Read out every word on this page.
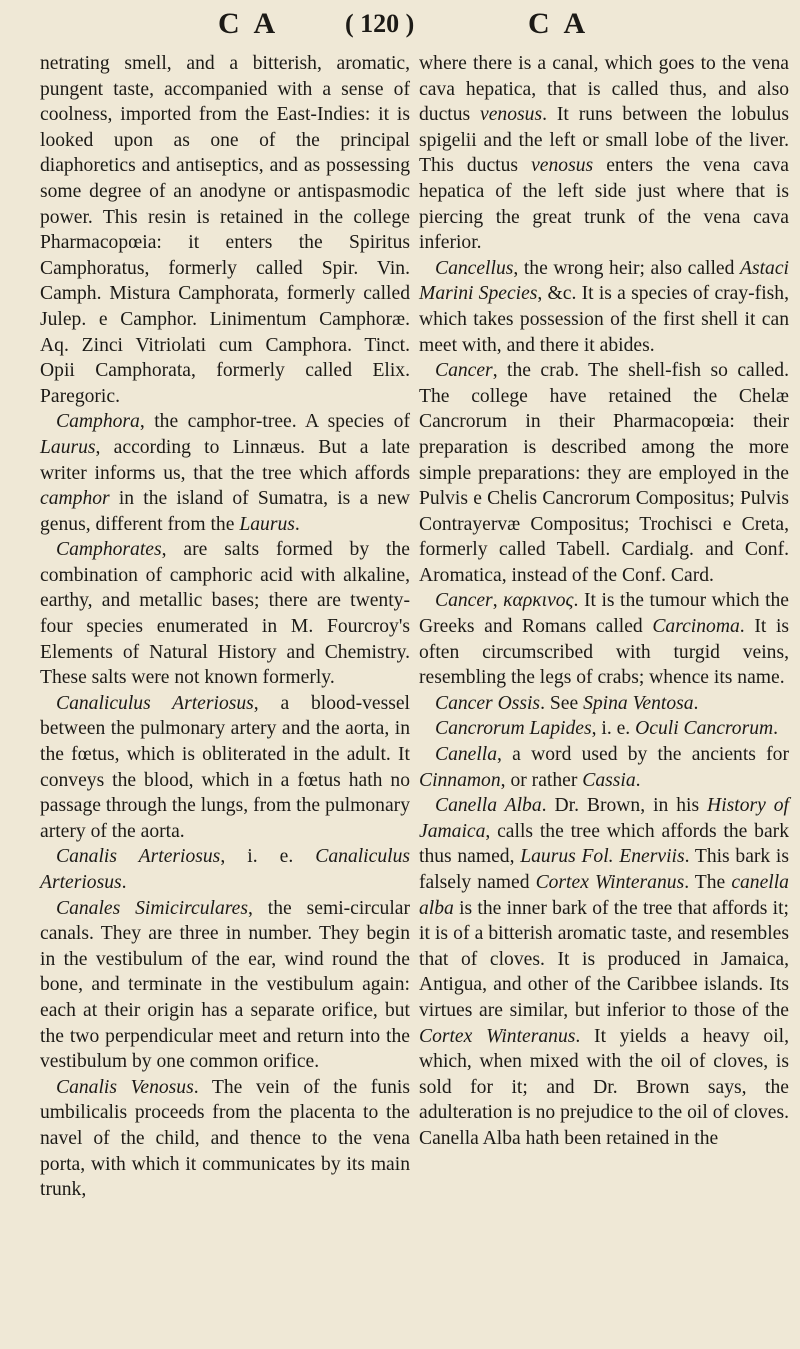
C A	( 120 )	C A

netrating smell, and a bitterish, aromatic, pungent taste, accompanied with a sense of coolness, imported from the East-Indies: it is looked upon as one of the principal diaphoretics and antiseptics, and as possessing some degree of an anodyne or antispasmodic power. This resin is retained in the college Pharmacopœia: it enters the Spiritus Camphoratus, formerly called Spir. Vin. Camph. Mistura Camphorata, formerly called Julep. e Camphor. Linimentum Camphoræ. Aq. Zinci Vitriolati cum Camphora. Tinct. Opii Camphorata, formerly called Elix. Paregoric.

Camphora, the camphor-tree. A species of Laurus, according to Linnæus. But a late writer informs us, that the tree which affords camphor in the island of Sumatra, is a new genus, different from the Laurus.

Camphorates, are salts formed by the combination of camphoric acid with alkaline, earthy, and metallic bases; there are twenty-four species enumerated in M. Fourcroy's Elements of Natural History and Chemistry. These salts were not known formerly.

Canaliculus Arteriosus, a blood-vessel between the pulmonary artery and the aorta, in the fœtus, which is obliterated in the adult. It conveys the blood, which in a fœtus hath no passage through the lungs, from the pulmonary artery of the aorta.

Canalis Arteriosus, i. e. Canaliculus Arteriosus.

Canales Simicirculares, the semi-circular canals. They are three in number. They begin in the vestibulum of the ear, wind round the bone, and terminate in the vestibulum again: each at their origin has a separate orifice, but the two perpendicular meet and return into the vestibulum by one common orifice.

Canalis Venosus. The vein of the funis umbilicalis proceeds from the placenta to the navel of the child, and thence to the vena porta, with which it communicates by its main trunk,

where there is a canal, which goes to the vena cava hepatica, that is called thus, and also ductus venosus. It runs between the lobulus spigelii and the left or small lobe of the liver. This ductus venosus enters the vena cava hepatica of the left side just where that is piercing the great trunk of the vena cava inferior.

Cancellus, the wrong heir; also called Astaci Marini Species, &c. It is a species of cray-fish, which takes possession of the first shell it can meet with, and there it abides.

Cancer, the crab. The shell-fish so called. The college have retained the Chelæ Cancrorum in their Pharmacopœia: their preparation is described among the more simple preparations: they are employed in the Pulvis e Chelis Cancrorum Compositus; Pulvis Contrayervæ Compositus; Trochisci e Creta, formerly called Tabell. Cardialg. and Conf. Aromatica, instead of the Conf. Card.

Cancer, καρκινος. It is the tumour which the Greeks and Romans called Carcinoma. It is often circumscribed with turgid veins, resembling the legs of crabs; whence its name.

Cancer Ossis. See Spina Ventosa.

Cancrorum Lapides, i. e. Oculi Cancrorum.

Canella, a word used by the ancients for Cinnamon, or rather Cassia.

Canella Alba. Dr. Brown, in his History of Jamaica, calls the tree which affords the bark thus named, Laurus Fol. Enerviis. This bark is falsely named Cortex Winteranus. The canella alba is the inner bark of the tree that affords it; it is of a bitterish aromatic taste, and resembles that of cloves. It is produced in Jamaica, Antigua, and other of the Caribbee islands. Its virtues are similar, but inferior to those of the Cortex Winteranus. It yields a heavy oil, which, when mixed with the oil of cloves, is sold for it; and Dr. Brown says, the adulteration is no prejudice to the oil of cloves. Canella Alba hath been retained in the
